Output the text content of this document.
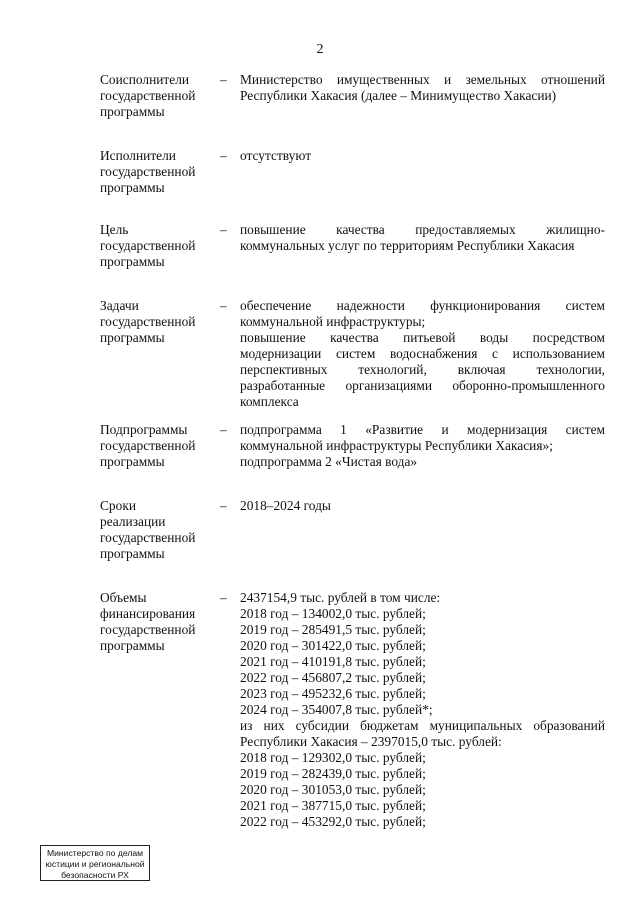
2
Соисполнители
государственной
программы
– Министерство имущественных и земельных отношений
Республики Хакасия (далее – Минимущество Хакасии)
Исполнители
государственной
программы
– отсутствуют
Цель
государственной
программы
– повышение качества предоставляемых жилищно-
коммунальных услуг по территориям Республики Хакасия
Задачи
государственной
программы
– обеспечение надежности функционирования систем
коммунальной инфраструктуры;
повышение качества питьевой воды посредством
модернизации систем водоснабжения с использованием
перспективных технологий, включая технологии,
разработанные организациями оборонно-промышленного
комплекса
Подпрограммы
государственной
программы
– подпрограмма 1 «Развитие и модернизация систем
коммунальной инфраструктуры Республики Хакасия»;
подпрограмма 2 «Чистая вода»
Сроки
реализации
государственной
программы
– 2018–2024 годы
Объемы
финансирования
государственной
программы
– 2437154,9 тыс. рублей в том числе:
2018 год – 134002,0 тыс. рублей;
2019 год – 285491,5 тыс. рублей;
2020 год – 301422,0 тыс. рублей;
2021 год – 410191,8 тыс. рублей;
2022 год – 456807,2 тыс. рублей;
2023 год – 495232,6 тыс. рублей;
2024 год – 354007,8 тыс. рублей*;
из них субсидии бюджетам муниципальных образований
Республики Хакасия – 2397015,0 тыс. рублей:
2018 год – 129302,0 тыс. рублей;
2019 год – 282439,0 тыс. рублей;
2020 год – 301053,0 тыс. рублей;
2021 год – 387715,0 тыс. рублей;
2022 год – 453292,0 тыс. рублей;
Министерство по делам
юстиции и региональной
безопасности РХ
